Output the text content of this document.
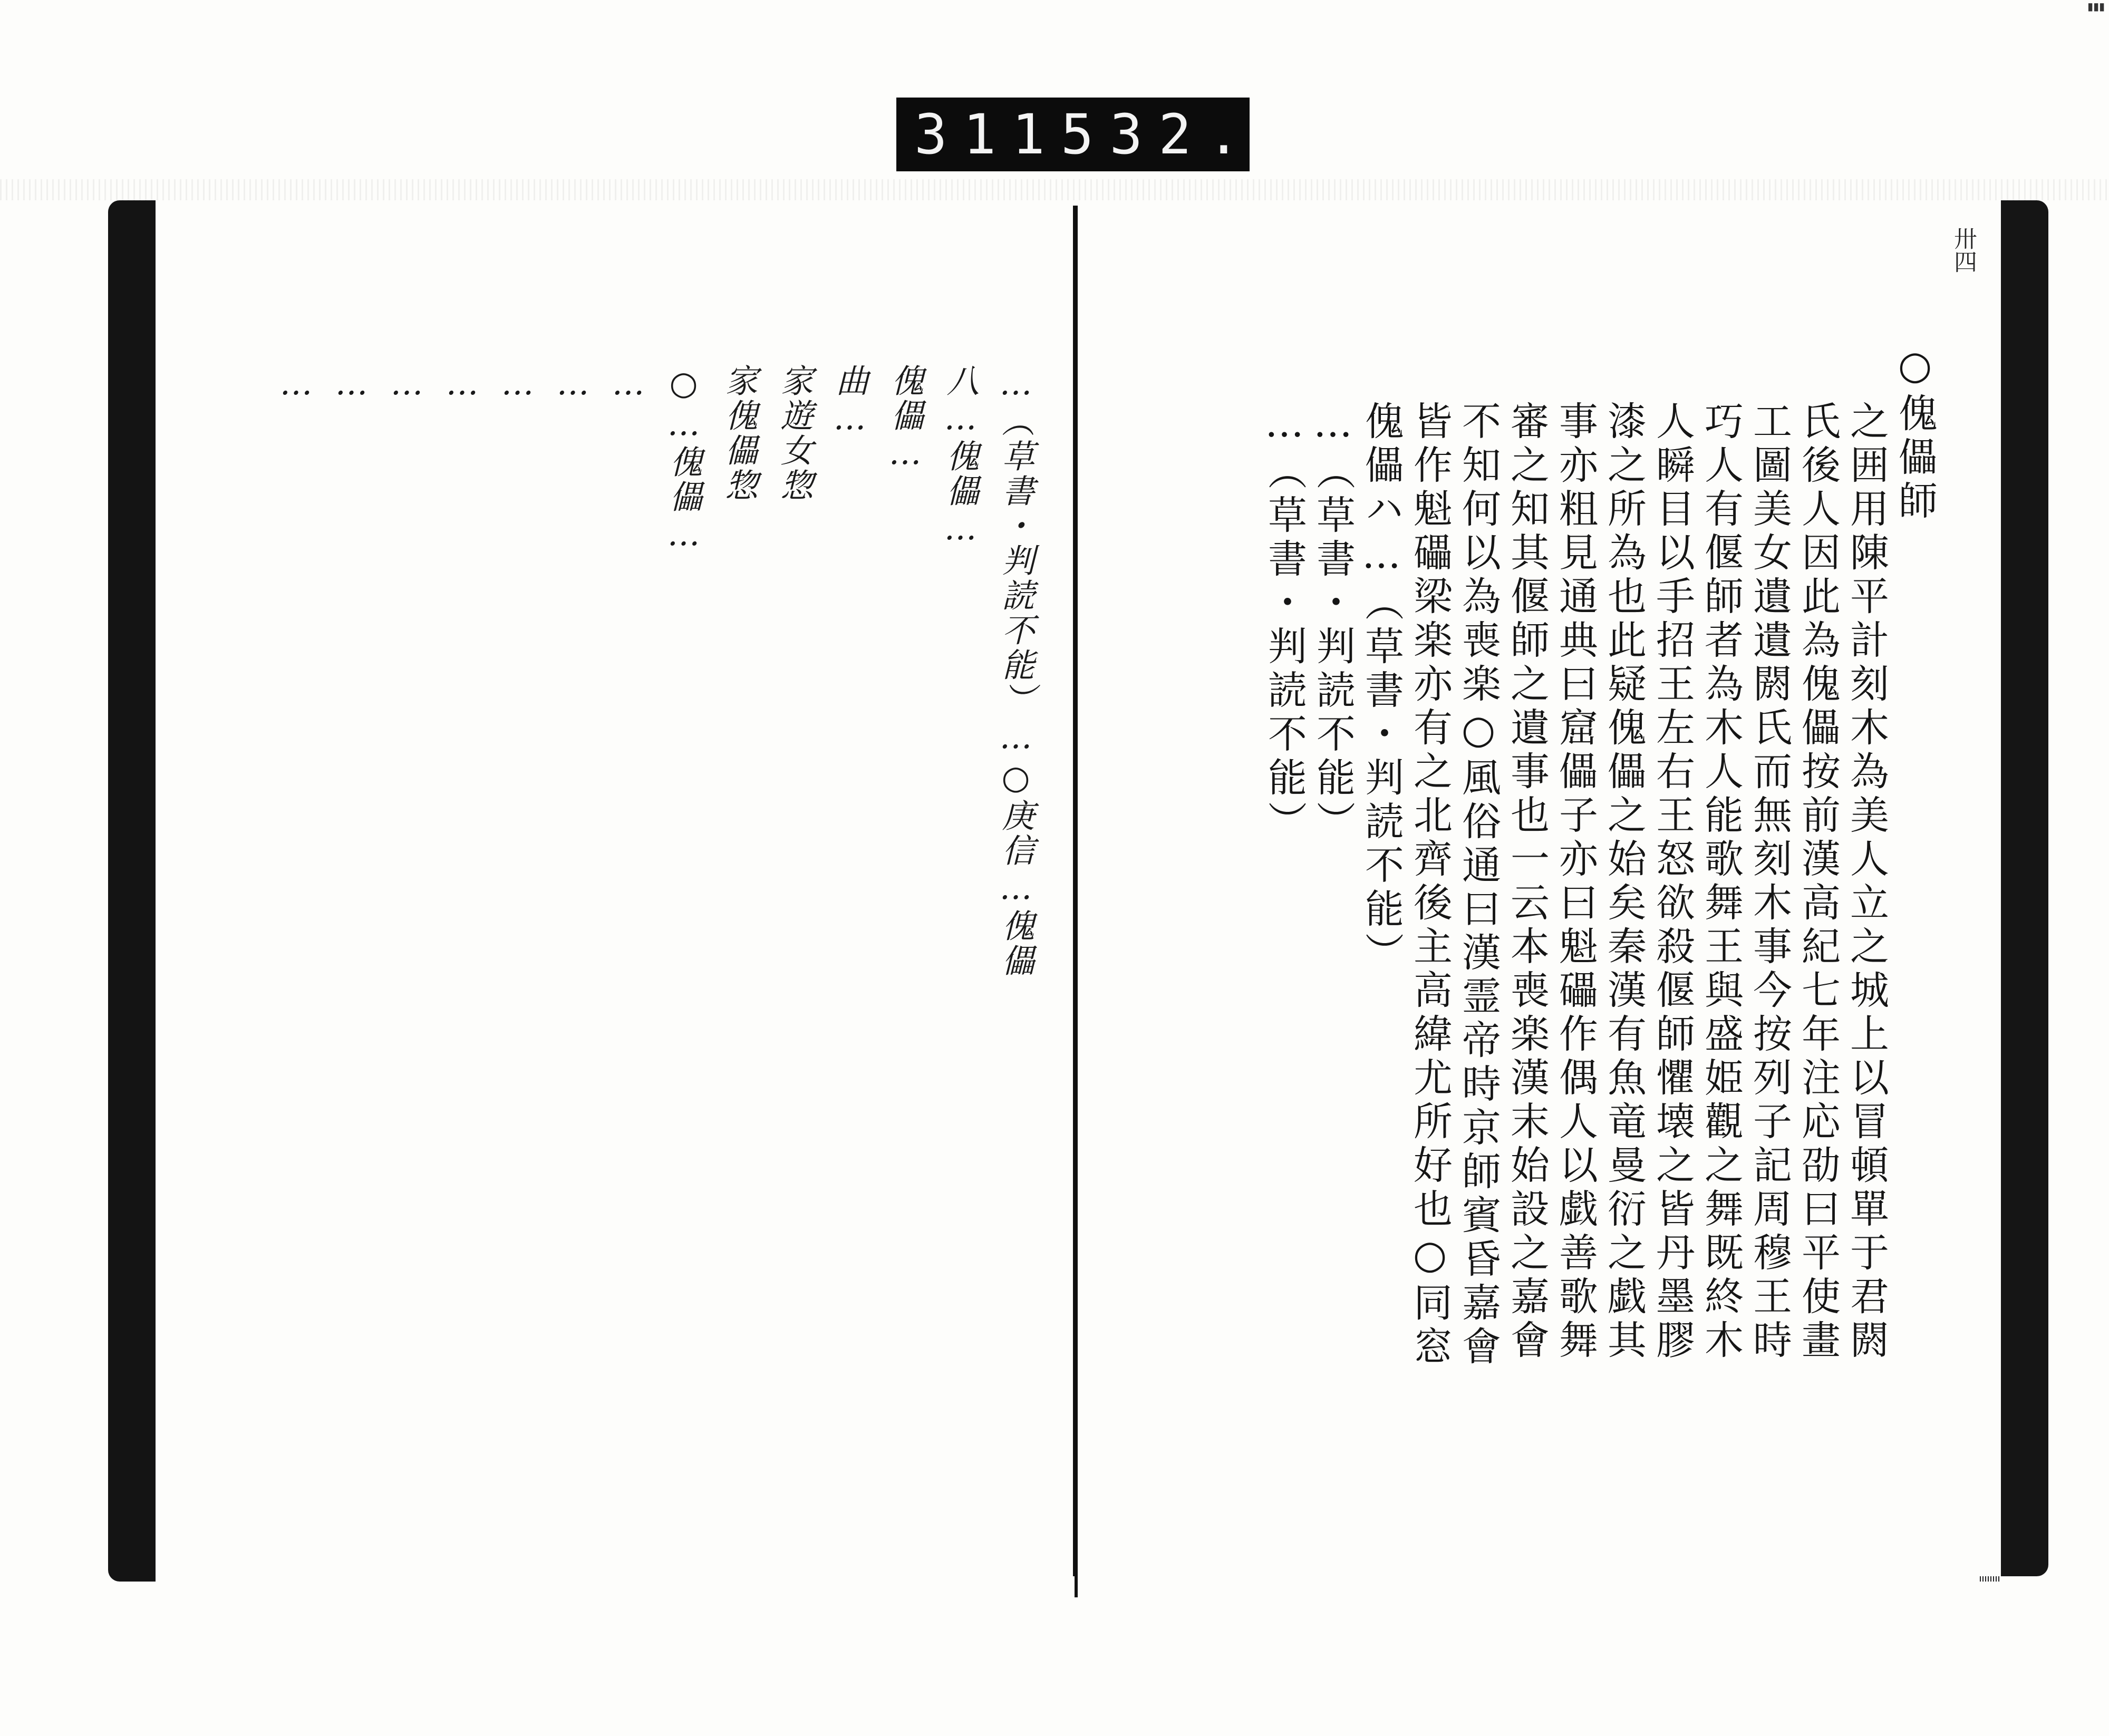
▮▮▮
311 532.
…（草書・判読不能）…○庚信…傀儡
八…傀儡…
傀儡…
曲…
家遊女惣
家傀儡惣
○…傀儡…
…
…
…
…
…
…
…
卅四
○傀儡師
之囲用陳平計刻木為美人立之城上以冒頓單于君閼
氏後人因此為傀儡按前漢高紀七年注応劭曰平使畫
工圖美女遺遺閼氏而無刻木事今按列子記周穆王時
巧人有偃師者為木人能歌舞王與盛姫觀之舞既終木
人瞬目以手招王左右王怒欲殺偃師懼壊之皆丹墨膠
漆之所為也此疑傀儡之始矣秦漢有魚竜曼衍之戯其
事亦粗見通典曰窟儡子亦曰魁礧作偶人以戯善歌舞
審之知其偃師之遺事也一云本喪楽漢末始設之嘉會
不知何以為喪楽○風俗通曰漢霊帝時京師賓昏嘉會
皆作魁礧梁楽亦有之北齊後主高緯尤所好也○同窓
傀儡ハ…（草書・判読不能）
…（草書・判読不能）
…（草書・判読不能）
